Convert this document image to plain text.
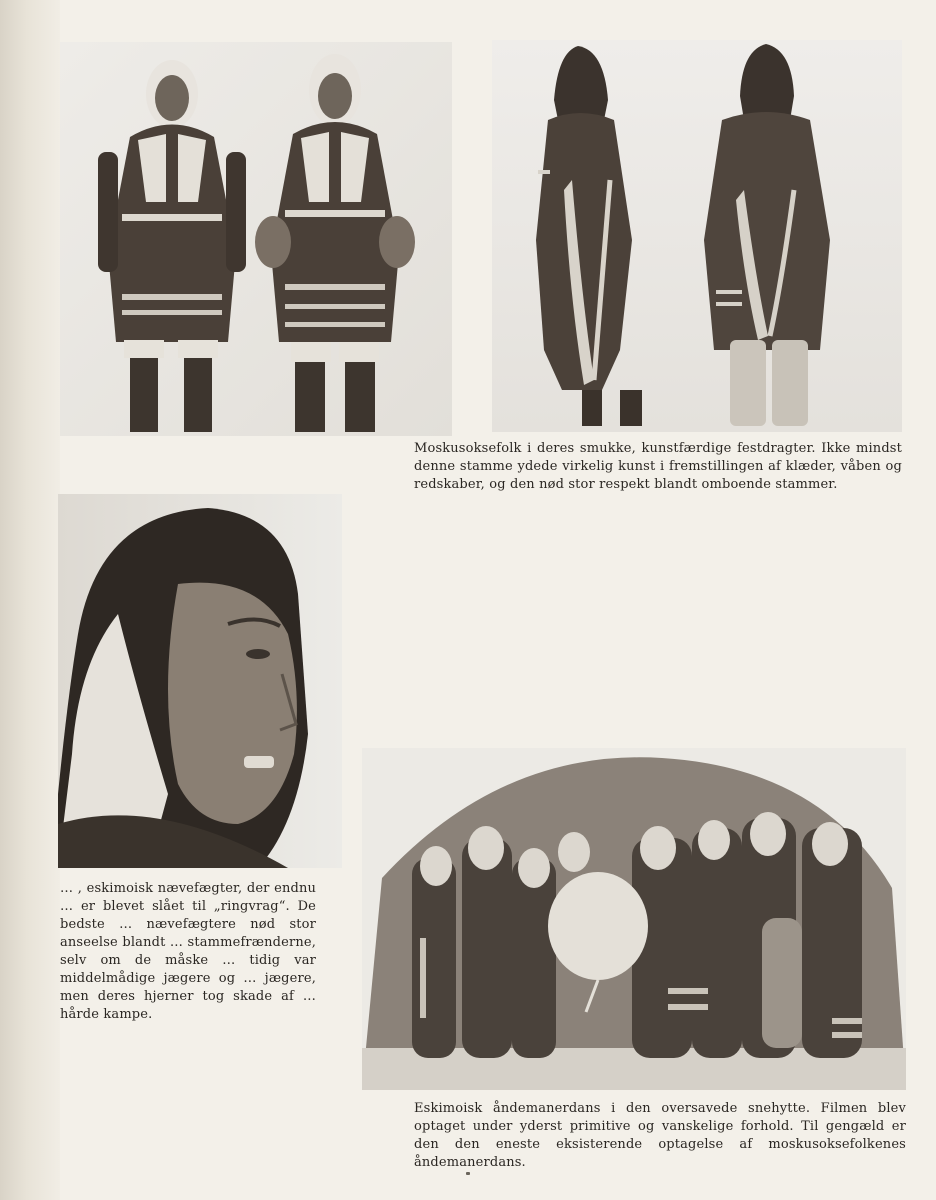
Moskusoksefolk i deres smukke, kunstfærdige festdragter. Ikke mindst denne stamme ydede virkelig kunst i fremstillingen af klæder, våben og redskaber, og den nød stor respekt blandt omboende stammer.

… , eskimoisk nævefægter, der endnu … er blevet slået til „ringvrag“. De bedste … nævefægtere nød stor anseelse blandt … stammefrænderne, selv om de måske … tidig var middelmådige jægere og … jægere, men deres hjerner tog skade af … hårde kampe.

Eskimoisk åndemanerdans i den oversavede snehytte. Filmen blev optaget under yderst primitive og vanskelige forhold. Til gengæld er den den eneste eksisterende optagelse af moskusoksefolkenes åndemanerdans.
